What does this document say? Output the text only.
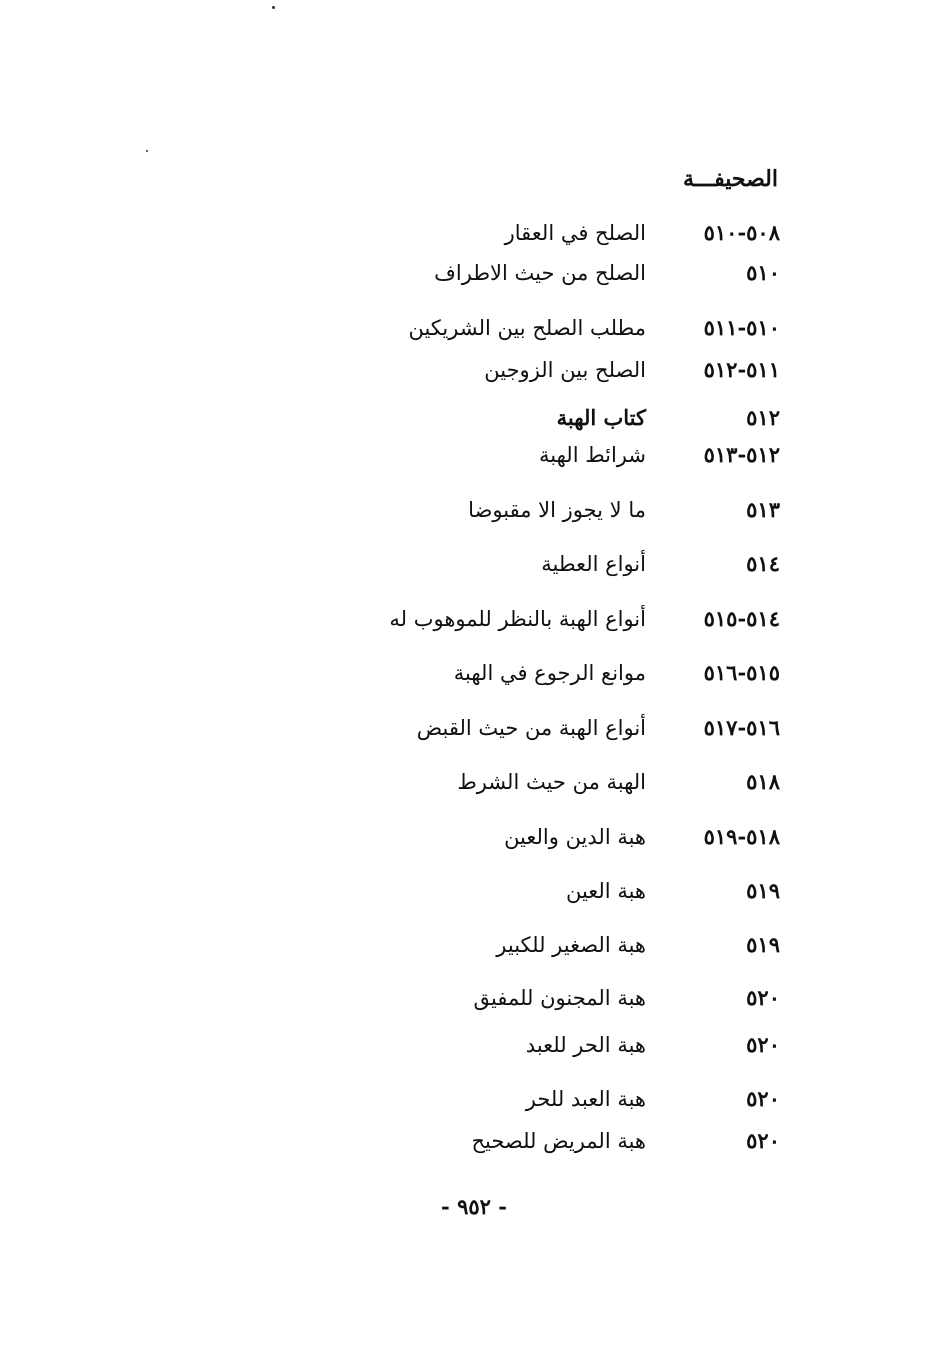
الصحيفـــة
٥٠٨-٥١٠
الصلح في العقار
٥١٠
الصلح من حيث الاطراف
٥١٠-٥١١
مطلب الصلح بين الشريكين
٥١١-٥١٢
الصلح بين الزوجين
٥١٢
كتاب الهبة
٥١٢-٥١٣
شرائط الهبة
٥١٣
ما لا يجوز الا مقبوضا
٥١٤
أنواع العطية
٥١٤-٥١٥
أنواع الهبة بالنظر للموهوب له
٥١٥-٥١٦
موانع الرجوع في الهبة
٥١٦-٥١٧
أنواع الهبة من حيث القبض
٥١٨
الهبة من حيث الشرط
٥١٨-٥١٩
هبة الدين والعين
٥١٩
هبة العين
٥١٩
هبة الصغير للكبير
٥٢٠
هبة المجنون للمفيق
٥٢٠
هبة الحر للعبد
٥٢٠
هبة العبد للحر
٥٢٠
هبة المريض للصحيح
- ٩٥٢ -
